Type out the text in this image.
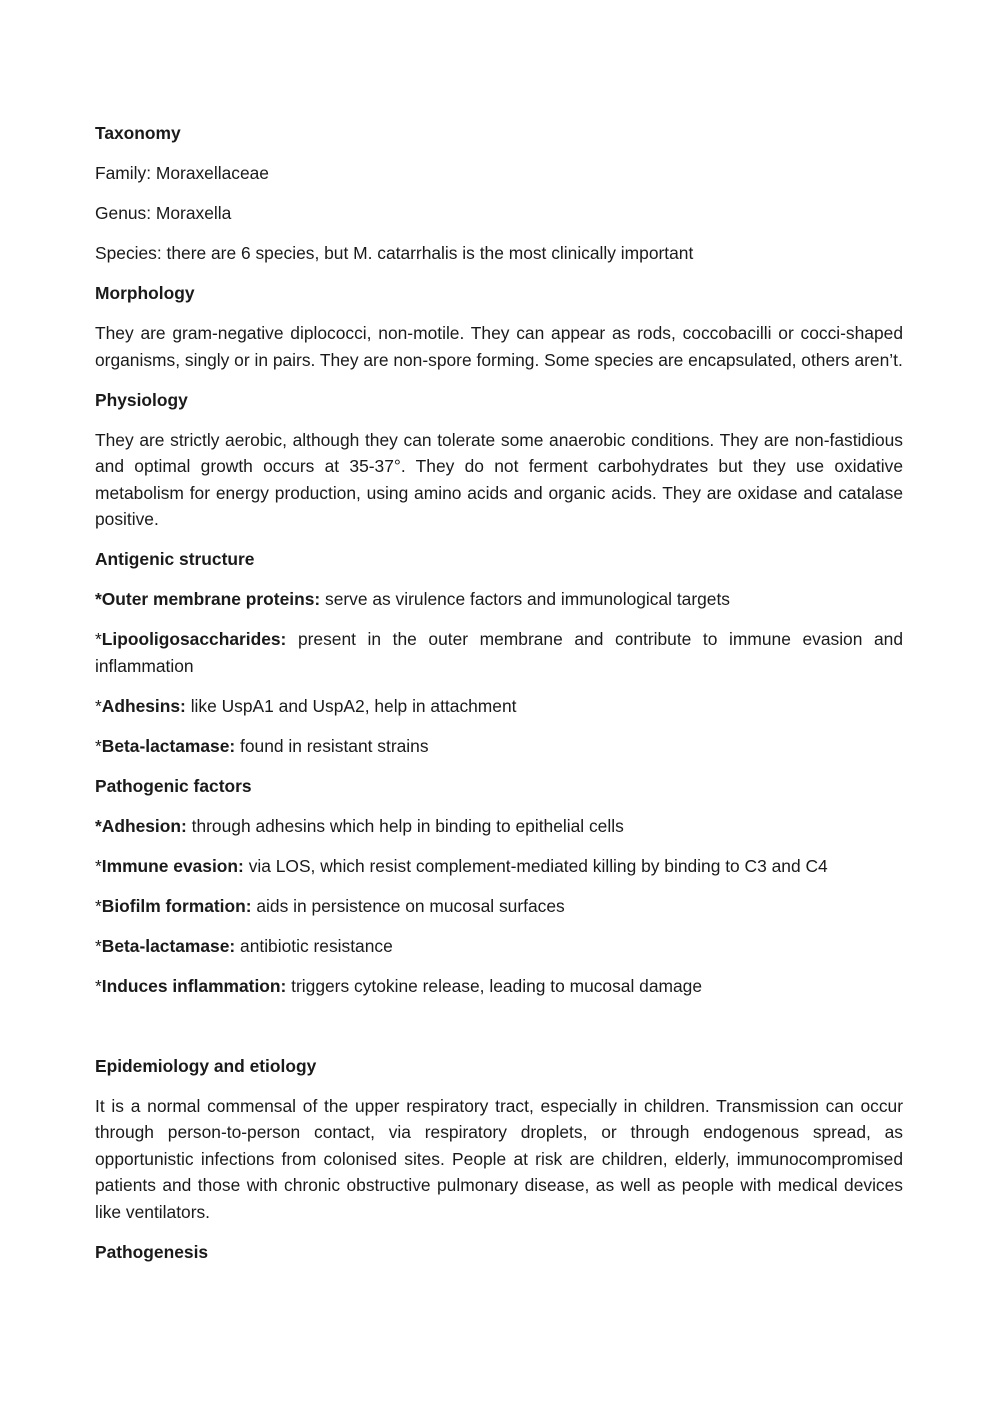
Taxonomy
Family: Moraxellaceae
Genus: Moraxella
Species: there are 6 species, but M. catarrhalis is the most clinically important
Morphology
They are gram-negative diplococci, non-motile. They can appear as rods, coccobacilli or cocci-shaped organisms, singly or in pairs. They are non-spore forming. Some species are encapsulated, others aren’t.
Physiology
They are strictly aerobic, although they can tolerate some anaerobic conditions. They are non-fastidious and optimal growth occurs at 35-37°. They do not ferment carbohydrates but they use oxidative metabolism for energy production, using amino acids and organic acids. They are oxidase and catalase positive.
Antigenic structure
*Outer membrane proteins: serve as virulence factors and immunological targets
*Lipooligosaccharides: present in the outer membrane and contribute to immune evasion and inflammation
*Adhesins: like UspA1 and UspA2, help in attachment
*Beta-lactamase: found in resistant strains
Pathogenic factors
*Adhesion: through adhesins which help in binding to epithelial cells
*Immune evasion: via LOS, which resist complement-mediated killing by binding to C3 and C4
*Biofilm formation: aids in persistence on mucosal surfaces
*Beta-lactamase: antibiotic resistance
*Induces inflammation: triggers cytokine release, leading to mucosal damage
Epidemiology and etiology
It is a normal commensal of the upper respiratory tract, especially in children. Transmission can occur through person-to-person contact, via respiratory droplets, or through endogenous spread, as opportunistic infections from colonised sites. People at risk are children, elderly, immunocompromised patients and those with chronic obstructive pulmonary disease, as well as people with medical devices like ventilators.
Pathogenesis
